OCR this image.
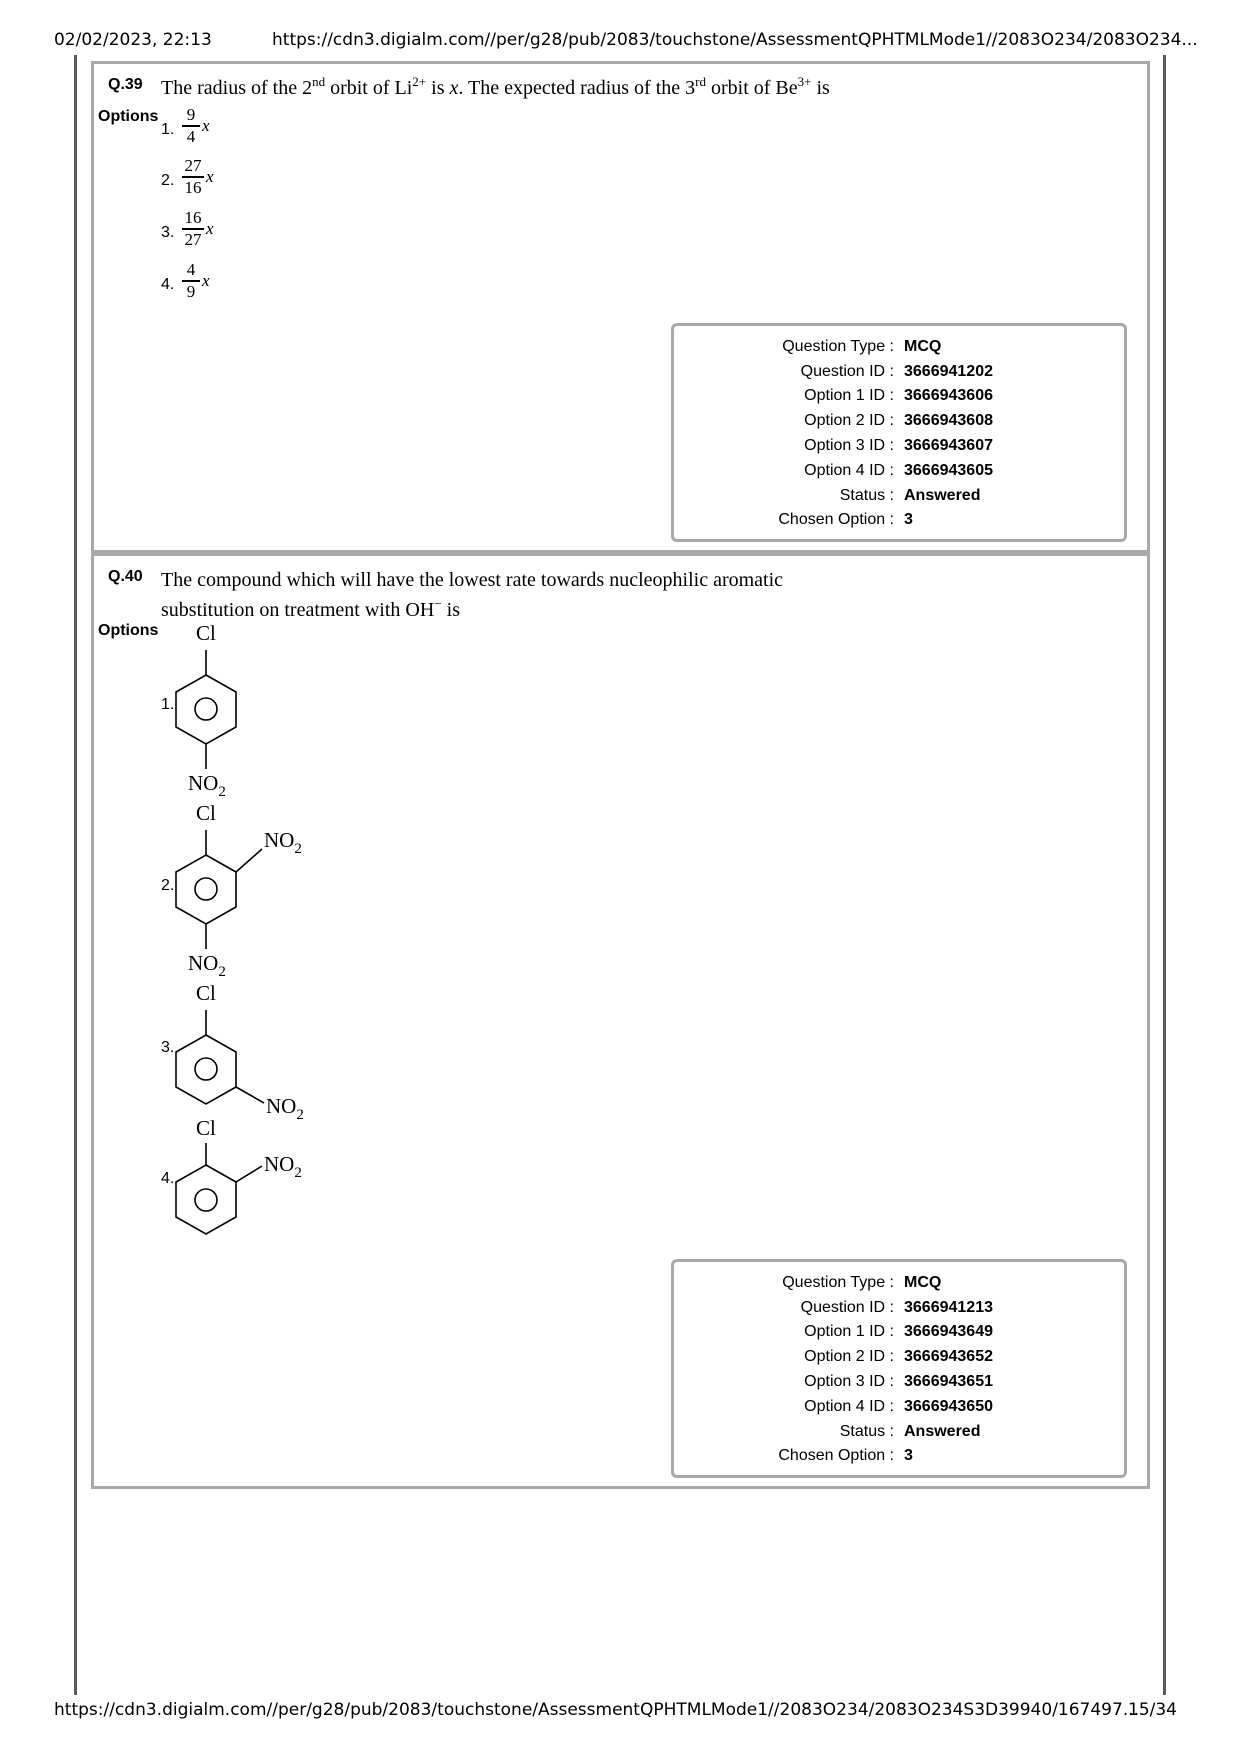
02/02/2023, 22:13	https://cdn3.digialm.com//per/g28/pub/2083/touchstone/AssessmentQPHTMLMode1//2083O234/2083O234...
Q.39 The radius of the 2nd orbit of $Li^{2+}$ is x. The expected radius of the 3rd orbit of $Be^{3+}$ is
Options
1.
9
4
x
2.
27
16
x
3.
16
27
x
4.
4
9
x
Question Type : MCQ
Question ID : 3666941202
Option 1 ID : 3666943606
Option 2 ID : 3666943608
Option 3 ID : 3666943607
Option 4 ID : 3666943605
Status : Answered
Chosen Option : 3
Q.40 The compound which will have the lowest rate towards nucleophilic aromatic
substitution on treatment with OH− is
Options
1.
2.
3.
4.
Cl
$NO_2$
Cl
$NO_2$
$NO_2$
Cl
$NO_2$
Cl
$NO_2$
Question Type : MCQ
Question ID : 3666941213
Option 1 ID : 3666943649
Option 2 ID : 3666943652
Option 3 ID : 3666943651
Option 4 ID : 3666943650
Status : Answered
Chosen Option : 3
https://cdn3.digialm.com//per/g28/pub/2083/touchstone/AssessmentQPHTMLMode1//2083O234/2083O234S3D39940/167497...
15/34
